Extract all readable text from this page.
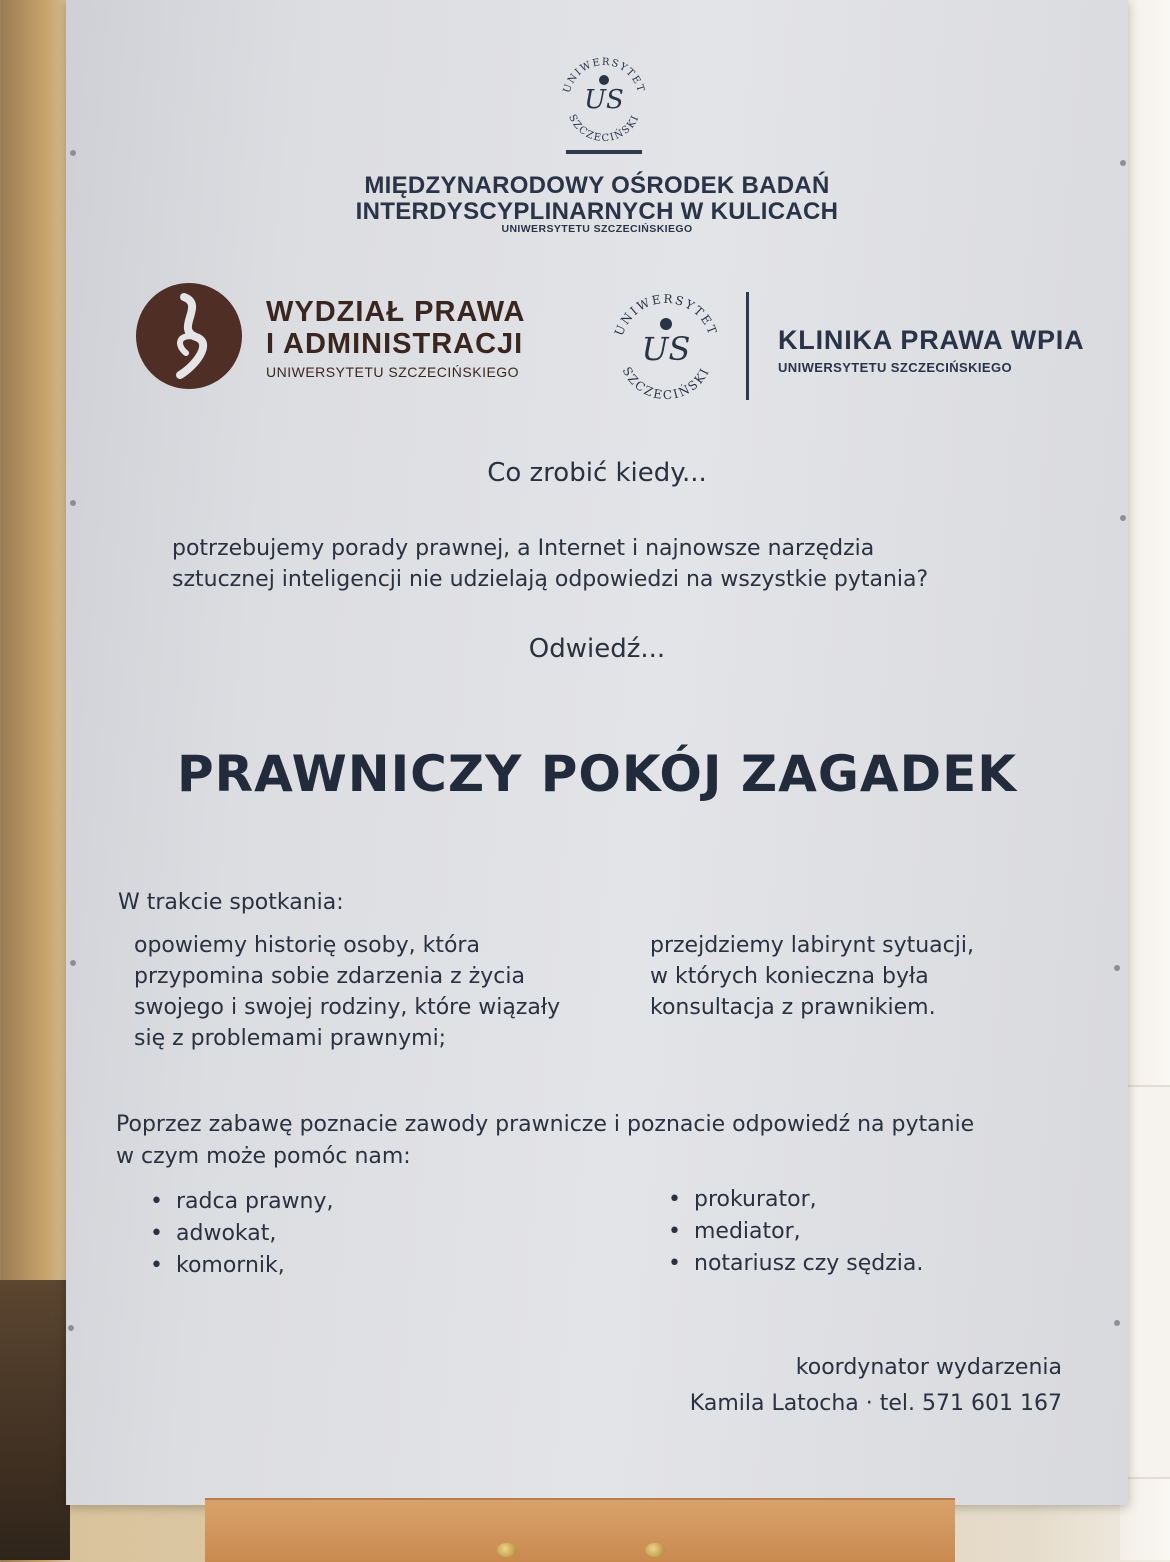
UNIWERSYTET
SZCZECIŃSKI
US
MIĘDZYNARODOWY OŚRODEK BADAŃ
INTERDYSCYPLINARNYCH W KULICACH
UNIWERSYTETU SZCZECIŃSKIEGO
WYDZIAŁ PRAWA
I ADMINISTRACJI
UNIWERSYTETU SZCZECIŃSKIEGO
UNIWERSYTET
SZCZECIŃSKI
US	KLINIKA PRAWA WPIA
UNIWERSYTETU SZCZECIŃSKIEGO
Co zrobić kiedy...
potrzebujemy porady prawnej, a Internet i najnowsze narzędzia
sztucznej inteligencji nie udzielają odpowiedzi na wszystkie pytania?
Odwiedź...
PRAWNICZY POKÓJ ZAGADEK
W trakcie spotkania:
opowiemy historię osoby, która
przypomina sobie zdarzenia z życia
swojego i swojej rodziny, które wiązały
się z problemami prawnymi;
przejdziemy labirynt sytuacji,
w których konieczna była
konsultacja z prawnikiem.
Poprzez zabawę poznacie zawody prawnicze i poznacie odpowiedź na pytanie
w czym może pomóc nam:
• radca prawny,
• adwokat,
• komornik,
• prokurator,
• mediator,
• notariusz czy sędzia.
koordynator wydarzenia
Kamila Latocha · tel. 571 601 167
